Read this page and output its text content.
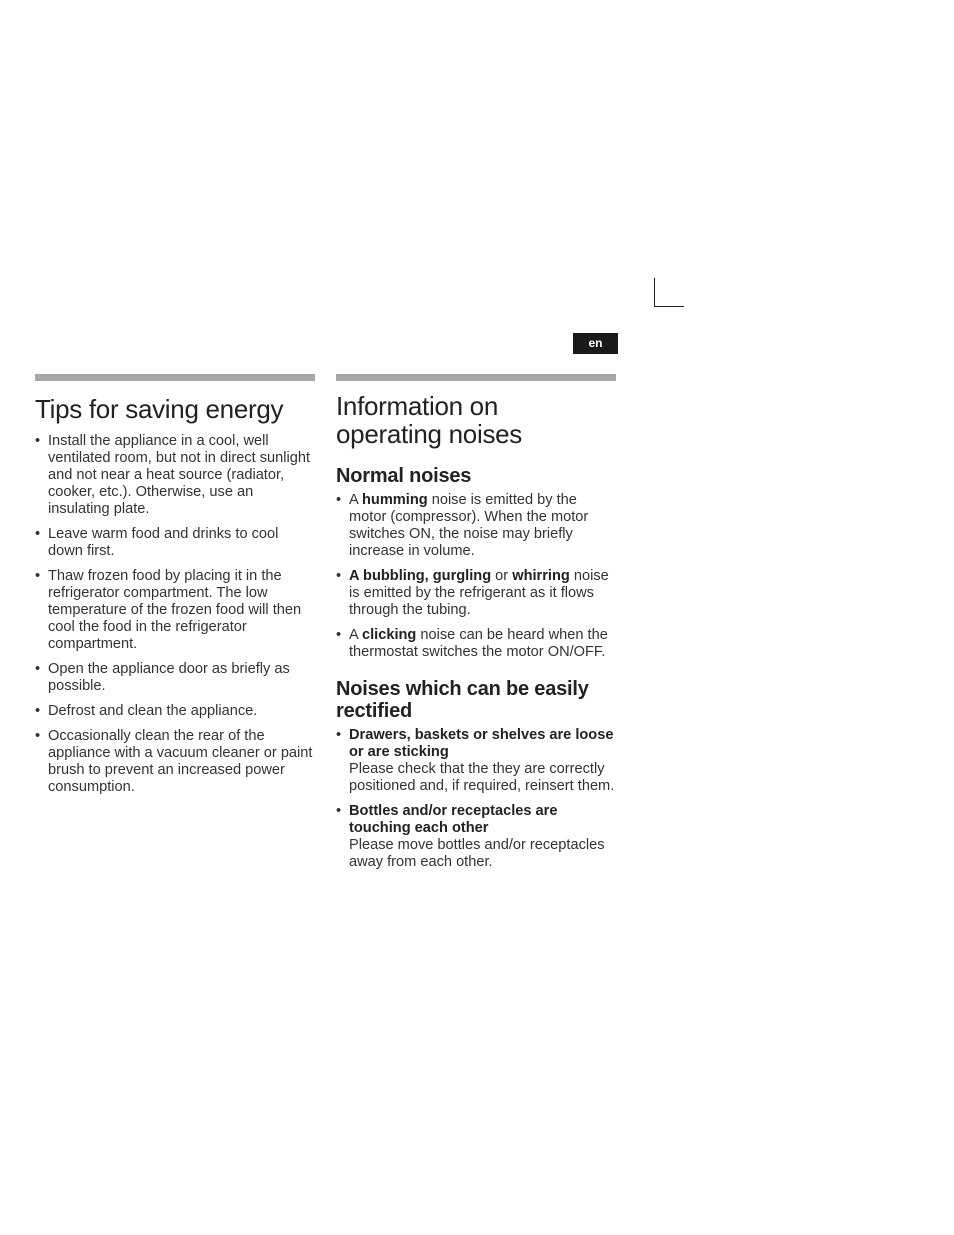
en
Tips for saving energy
• Install the appliance in a cool, well ventilated room, but not in direct sunlight and not near a heat source (radiator, cooker, etc.). Otherwise, use an insulating plate.
• Leave warm food and drinks to cool down first.
• Thaw frozen food by placing it in the refrigerator compartment. The low temperature of the frozen food will then cool the food in the refrigerator compartment.
• Open the appliance door as briefly as possible.
• Defrost and clean the appliance.
• Occasionally clean the rear of the appliance with a vacuum cleaner or paint brush to prevent an increased power consumption.
Information on
operating noises
Normal noises
• A humming noise is emitted by the motor (compressor). When the motor switches ON, the noise may briefly increase in volume.
• A bubbling, gurgling or whirring noise is emitted by the refrigerant as it flows through the tubing.
• A clicking noise can be heard when the thermostat switches the motor ON/OFF.
Noises which can be easily rectified
• Drawers, baskets or shelves are loose or are sticking
Please check that the they are correctly positioned and, if required, reinsert them.
• Bottles and/or receptacles are touching each other
Please move bottles and/or receptacles away from each other.
